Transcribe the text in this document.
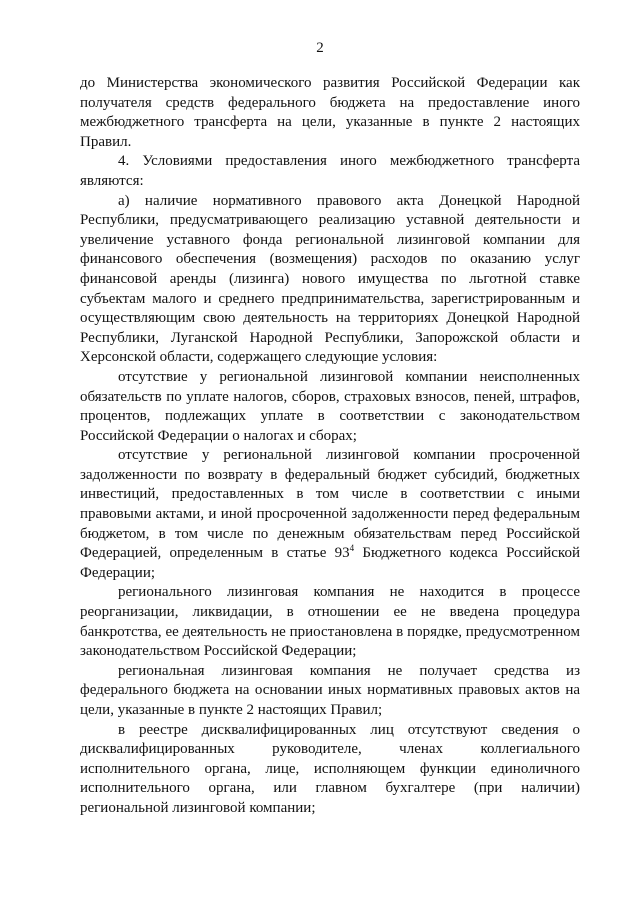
2

до Министерства экономического развития Российской Федерации как получателя средств федерального бюджета на предоставление иного межбюджетного трансферта на цели, указанные в пункте 2 настоящих Правил.

4. Условиями предоставления иного межбюджетного трансферта являются:

а) наличие нормативного правового акта Донецкой Народной Республики, предусматривающего реализацию уставной деятельности и увеличение уставного фонда региональной лизинговой компании для финансового обеспечения (возмещения) расходов по оказанию услуг финансовой аренды (лизинга) нового имущества по льготной ставке субъектам малого и среднего предпринимательства, зарегистрированным и осуществляющим свою деятельность на территориях Донецкой Народной Республики, Луганской Народной Республики, Запорожской области и Херсонской области, содержащего следующие условия:

отсутствие у региональной лизинговой компании неисполненных обязательств по уплате налогов, сборов, страховых взносов, пеней, штрафов, процентов, подлежащих уплате в соответствии с законодательством Российской Федерации о налогах и сборах;

отсутствие у региональной лизинговой компании просроченной задолженности по возврату в федеральный бюджет субсидий, бюджетных инвестиций, предоставленных в том числе в соответствии с иными правовыми актами, и иной просроченной задолженности перед федеральным бюджетом, в том числе по денежным обязательствам перед Российской Федерацией, определенным в статье $93^4$ Бюджетного кодекса Российской Федерации;

регионального лизинговая компания не находится в процессе реорганизации, ликвидации, в отношении ее не введена процедура банкротства, ее деятельность не приостановлена в порядке, предусмотренном законодательством Российской Федерации;

региональная лизинговая компания не получает средства из федерального бюджета на основании иных нормативных правовых актов на цели, указанные в пункте 2 настоящих Правил;

в реестре дисквалифицированных лиц отсутствуют сведения о дисквалифицированных руководителе, членах коллегиального исполнительного органа, лице, исполняющем функции единоличного исполнительного органа, или главном бухгалтере (при наличии) региональной лизинговой компании;
